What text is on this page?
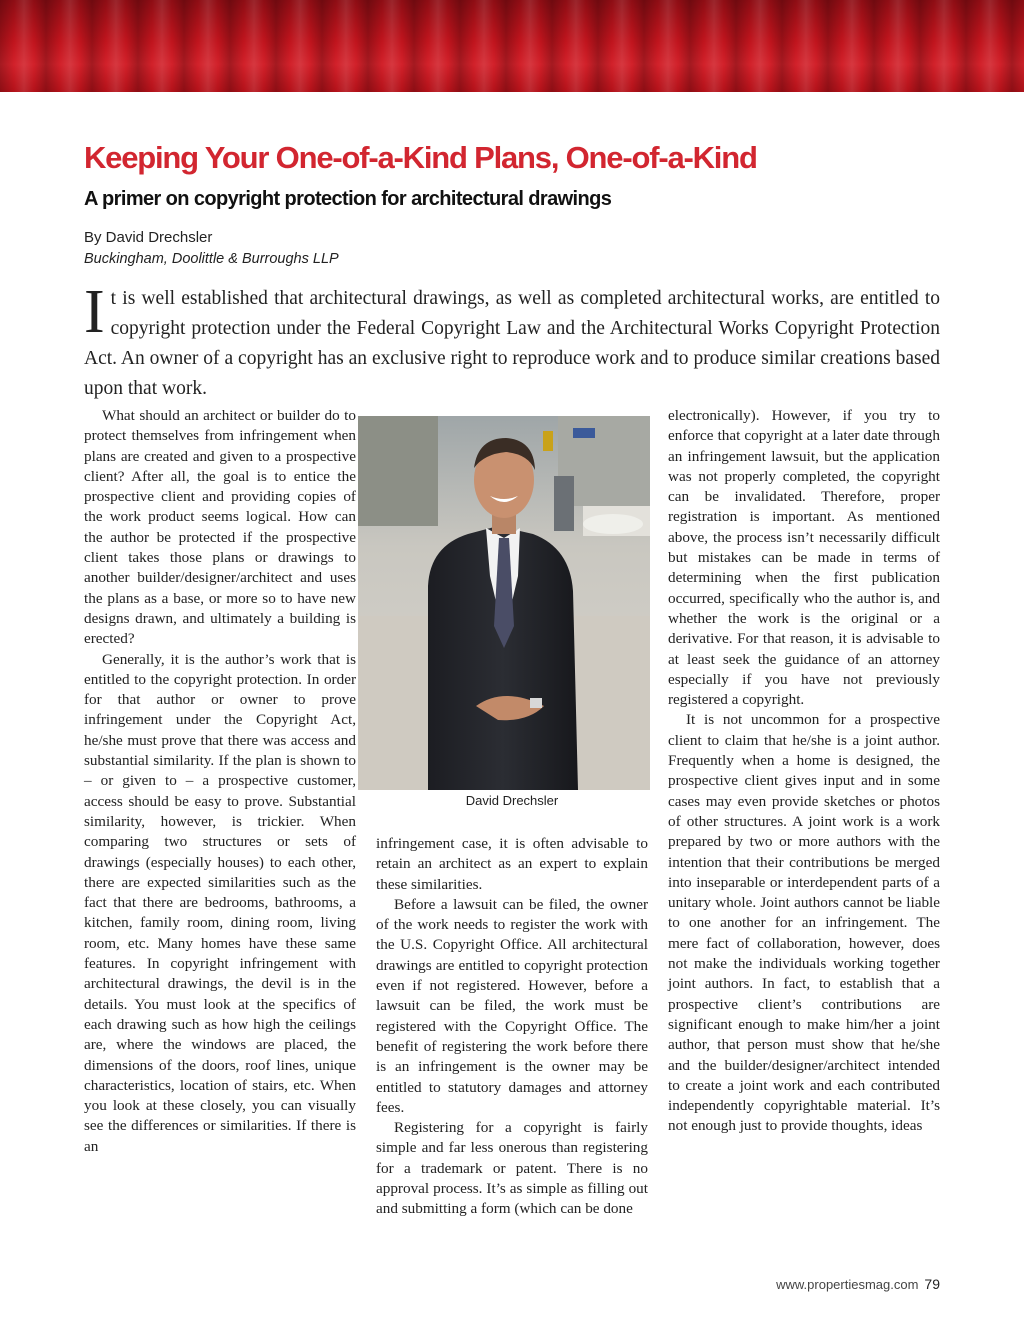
Keeping Your One-of-a-Kind Plans, One-of-a-Kind
A primer on copyright protection for architectural drawings
By David Drechsler
Buckingham, Doolittle & Burroughs LLP

It is well established that architectural drawings, as well as completed architectural works, are entitled to copyright protection under the Federal Copyright Law and the Architectural Works Copyright Protection Act. An owner of a copyright has an exclusive right to reproduce work and to produce similar creations based upon that work.

What should an architect or builder do to protect themselves from infringement when plans are created and given to a prospective client? After all, the goal is to entice the prospective client and providing copies of the work product seems logical. How can the author be protected if the prospective client takes those plans or drawings to another builder/designer/architect and uses the plans as a base, or more so to have new designs drawn, and ultimately a building is erected?

Generally, it is the author’s work that is entitled to the copyright protection. In order for that author or owner to prove infringement under the Copyright Act, he/she must prove that there was access and substantial similarity. If the plan is shown to – or given to – a prospective customer, access should be easy to prove. Substantial similarity, however, is trickier. When comparing two structures or sets of drawings (especially houses) to each other, there are expected similarities such as the fact that there are bedrooms, bathrooms, a kitchen, family room, dining room, living room, etc. Many homes have these same features. In copyright infringement with architectural drawings, the devil is in the details. You must look at the specifics of each drawing such as how high the ceilings are, where the windows are placed, the dimensions of the doors, roof lines, unique characteristics, location of stairs, etc. When you look at these closely, you can visually see the differences or similarities. If there is an

David Drechsler

infringement case, it is often advisable to retain an architect as an expert to explain these similarities.

Before a lawsuit can be filed, the owner of the work needs to register the work with the U.S. Copyright Office. All architectural drawings are entitled to copyright protection even if not registered. However, before a lawsuit can be filed, the work must be registered with the Copyright Office. The benefit of registering the work before there is an infringement is the owner may be entitled to statutory damages and attorney fees.

Registering for a copyright is fairly simple and far less onerous than registering for a trademark or patent. There is no approval process. It’s as simple as filling out and submitting a form (which can be done

electronically). However, if you try to enforce that copyright at a later date through an infringement lawsuit, but the application was not properly completed, the copyright can be invalidated. Therefore, proper registration is important. As mentioned above, the process isn’t necessarily difficult but mistakes can be made in terms of determining when the first publication occurred, specifically who the author is, and whether the work is the original or a derivative. For that reason, it is advisable to at least seek the guidance of an attorney especially if you have not previously registered a copyright.

It is not uncommon for a prospective client to claim that he/she is a joint author. Frequently when a home is designed, the prospective client gives input and in some cases may even provide sketches or photos of other structures. A joint work is a work prepared by two or more authors with the intention that their contributions be merged into inseparable or interdependent parts of a unitary whole. Joint authors cannot be liable to one another for an infringement. The mere fact of collaboration, however, does not make the individuals working together joint authors. In fact, to establish that a prospective client’s contributions are significant enough to make him/her a joint author, that person must show that he/she and the builder/designer/architect intended to create a joint work and each contributed independently copyrightable material. It’s not enough just to provide thoughts, ideas

www.propertiesmag.com 79
